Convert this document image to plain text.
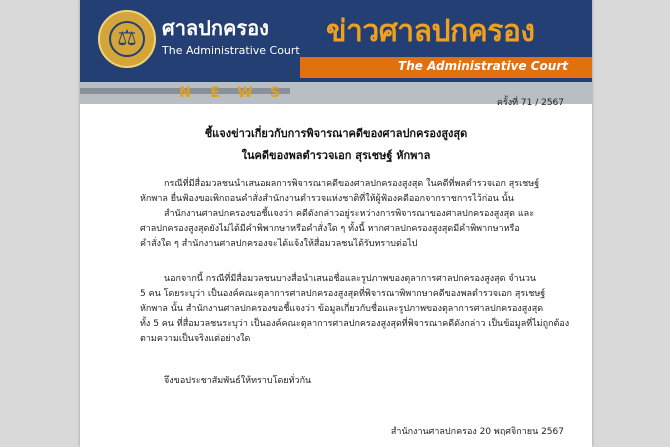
⚖	ศาลปกครอง
The Administrative Court
ข่าวศาลปกครอง
The Administrative Court
N	E	W S
ครั้งที่ 71 / 2567
ชี้แจงข่าวเกี่ยวกับการพิจารณาคดีของศาลปกครองสูงสุด
ในคดีของพลตำรวจเอก สุรเชษฐ์ หักพาล

กรณีที่มีสื่อมวลชนนำเสนอผลการพิจารณาคดีของศาลปกครองสูงสุด ในคดีที่พลตำรวจเอก สุรเชษฐ์

หักพาล ยื่นฟ้องขอเพิกถอนคำสั่งสำนักงานตำรวจแห่งชาติที่ให้ผู้ฟ้องคดีออกจากราชการไว้ก่อน นั้น

สำนักงานศาลปกครองขอชี้แจงว่า คดีดังกล่าวอยู่ระหว่างการพิจารณาของศาลปกครองสูงสุด และ

ศาลปกครองสูงสุดยังไม่ได้มีคำพิพากษาหรือคำสั่งใด ๆ ทั้งนี้ หากศาลปกครองสูงสุดมีคำพิพากษาหรือ

คำสั่งใด ๆ สำนักงานศาลปกครองจะได้แจ้งให้สื่อมวลชนได้รับทราบต่อไป

นอกจากนี้ กรณีที่มีสื่อมวลชนบางสื่อนำเสนอชื่อและรูปภาพของตุลาการศาลปกครองสูงสุด จำนวน

5 คน โดยระบุว่า เป็นองค์คณะตุลาการศาลปกครองสูงสุดที่พิจารณาพิพากษาคดีของพลตำรวจเอก สุรเชษฐ์

หักพาล นั้น สำนักงานศาลปกครองขอชี้แจงว่า ข้อมูลเกี่ยวกับชื่อและรูปภาพของตุลาการศาลปกครองสูงสุด

ทั้ง 5 คน ที่สื่อมวลชนระบุว่า เป็นองค์คณะตุลาการศาลปกครองสูงสุดที่พิจารณาคดีดังกล่าว เป็นข้อมูลที่ไม่ถูกต้อง

ตามความเป็นจริงแต่อย่างใด

จึงขอประชาสัมพันธ์ให้ทราบโดยทั่วกัน

สำนักงานศาลปกครอง 20 พฤศจิกายน 2567
